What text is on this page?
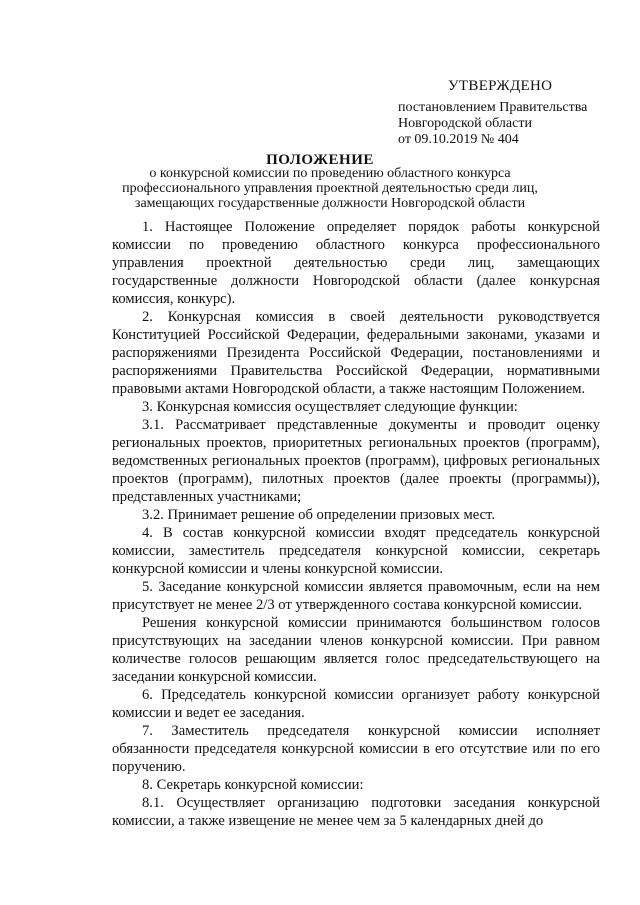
УТВЕРЖДЕНО
постановлением Правительства
Новгородской области
от 09.10.2019 № 404
ПОЛОЖЕНИЕ
о конкурсной комиссии по проведению областного конкурса
профессионального управления проектной деятельностью среди лиц,
замещающих государственные должности Новгородской области

1. Настоящее Положение определяет порядок работы конкурсной комиссии по проведению областного конкурса профессионального управления проектной деятельностью среди лиц, замещающих государственные должности Новгородской области (далее конкурсная комиссия, конкурс).

2. Конкурсная комиссия в своей деятельности руководствуется Конституцией Российской Федерации, федеральными законами, указами и распоряжениями Президента Российской Федерации, постановлениями и распоряжениями Правительства Российской Федерации, нормативными правовыми актами Новгородской области, а также настоящим Положением.

3. Конкурсная комиссия осуществляет следующие функции:

3.1. Рассматривает представленные документы и проводит оценку региональных проектов, приоритетных региональных проектов (программ), ведомственных региональных проектов (программ), цифровых региональных проектов (программ), пилотных проектов (далее проекты (программы)), представленных участниками;

3.2. Принимает решение об определении призовых мест.

4. В состав конкурсной комиссии входят председатель конкурсной комиссии, заместитель председателя конкурсной комиссии, секретарь конкурсной комиссии и члены конкурсной комиссии.

5. Заседание конкурсной комиссии является правомочным, если на нем присутствует не менее 2/3 от утвержденного состава конкурсной комиссии.

Решения конкурсной комиссии принимаются большинством голосов присутствующих на заседании членов конкурсной комиссии. При равном количестве голосов решающим является голос председательствующего на заседании конкурсной комиссии.

6. Председатель конкурсной комиссии организует работу конкурсной комиссии и ведет ее заседания.

7. Заместитель председателя конкурсной комиссии исполняет обязанности председателя конкурсной комиссии в его отсутствие или по его поручению.

8. Секретарь конкурсной комиссии:

8.1. Осуществляет организацию подготовки заседания конкурсной комиссии, а также извещение не менее чем за 5 календарных дней до
